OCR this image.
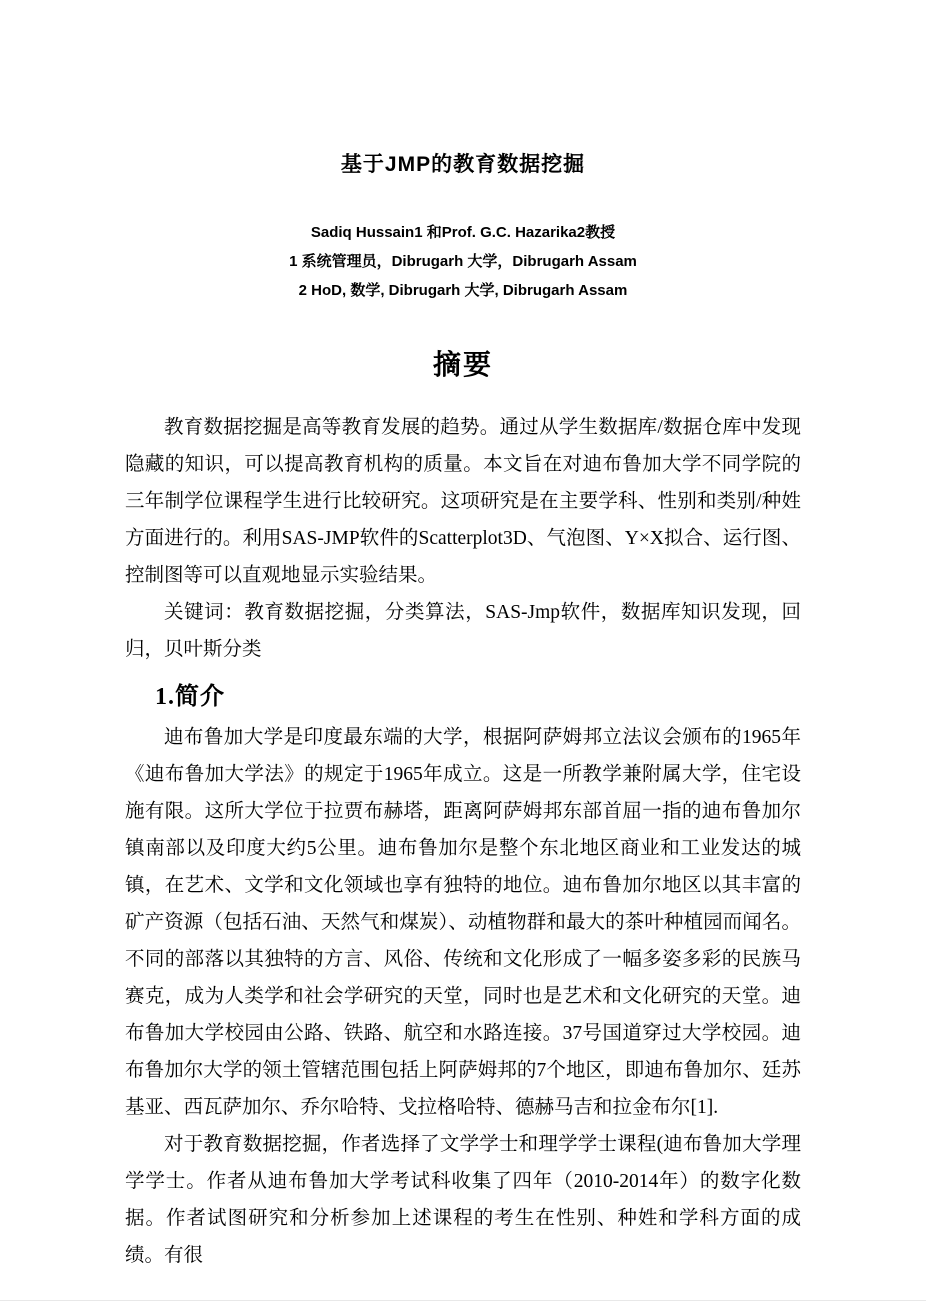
基于JMP的教育数据挖掘
Sadiq Hussain1 和Prof. G.C. Hazarika2教授
1 系统管理员，Dibrugarh 大学，Dibrugarh Assam
2 HoD, 数学, Dibrugarh 大学, Dibrugarh Assam
摘要

教育数据挖掘是高等教育发展的趋势。通过从学生数据库/数据仓库中发现隐藏的知识，可以提高教育机构的质量。本文旨在对迪布鲁加大学不同学院的三年制学位课程学生进行比较研究。这项研究是在主要学科、性别和类别/种姓方面进行的。利用SAS-JMP软件的Scatterplot3D、气泡图、Y×X拟合、运行图、控制图等可以直观地显示实验结果。

关键词：教育数据挖掘，分类算法，SAS-Jmp软件，数据库知识发现，回归，贝叶斯分类

1.简介

迪布鲁加大学是印度最东端的大学，根据阿萨姆邦立法议会颁布的1965年《迪布鲁加大学法》的规定于1965年成立。这是一所教学兼附属大学，住宅设施有限。这所大学位于拉贾布赫塔，距离阿萨姆邦东部首屈一指的迪布鲁加尔镇南部以及印度大约5公里。迪布鲁加尔是整个东北地区商业和工业发达的城镇，在艺术、文学和文化领域也享有独特的地位。迪布鲁加尔地区以其丰富的矿产资源（包括石油、天然气和煤炭）、动植物群和最大的茶叶种植园而闻名。不同的部落以其独特的方言、风俗、传统和文化形成了一幅多姿多彩的民族马赛克，成为人类学和社会学研究的天堂，同时也是艺术和文化研究的天堂。迪布鲁加大学校园由公路、铁路、航空和水路连接。37号国道穿过大学校园。迪布鲁加尔大学的领土管辖范围包括上阿萨姆邦的7个地区，即迪布鲁加尔、廷苏基亚、西瓦萨加尔、乔尔哈特、戈拉格哈特、德赫马吉和拉金布尔[1].

对于教育数据挖掘，作者选择了文学学士和理学学士课程(迪布鲁加大学理学学士。作者从迪布鲁加大学考试科收集了四年（2010-2014年）的数字化数据。作者试图研究和分析参加上述课程的考生在性别、种姓和学科方面的成绩。有很
